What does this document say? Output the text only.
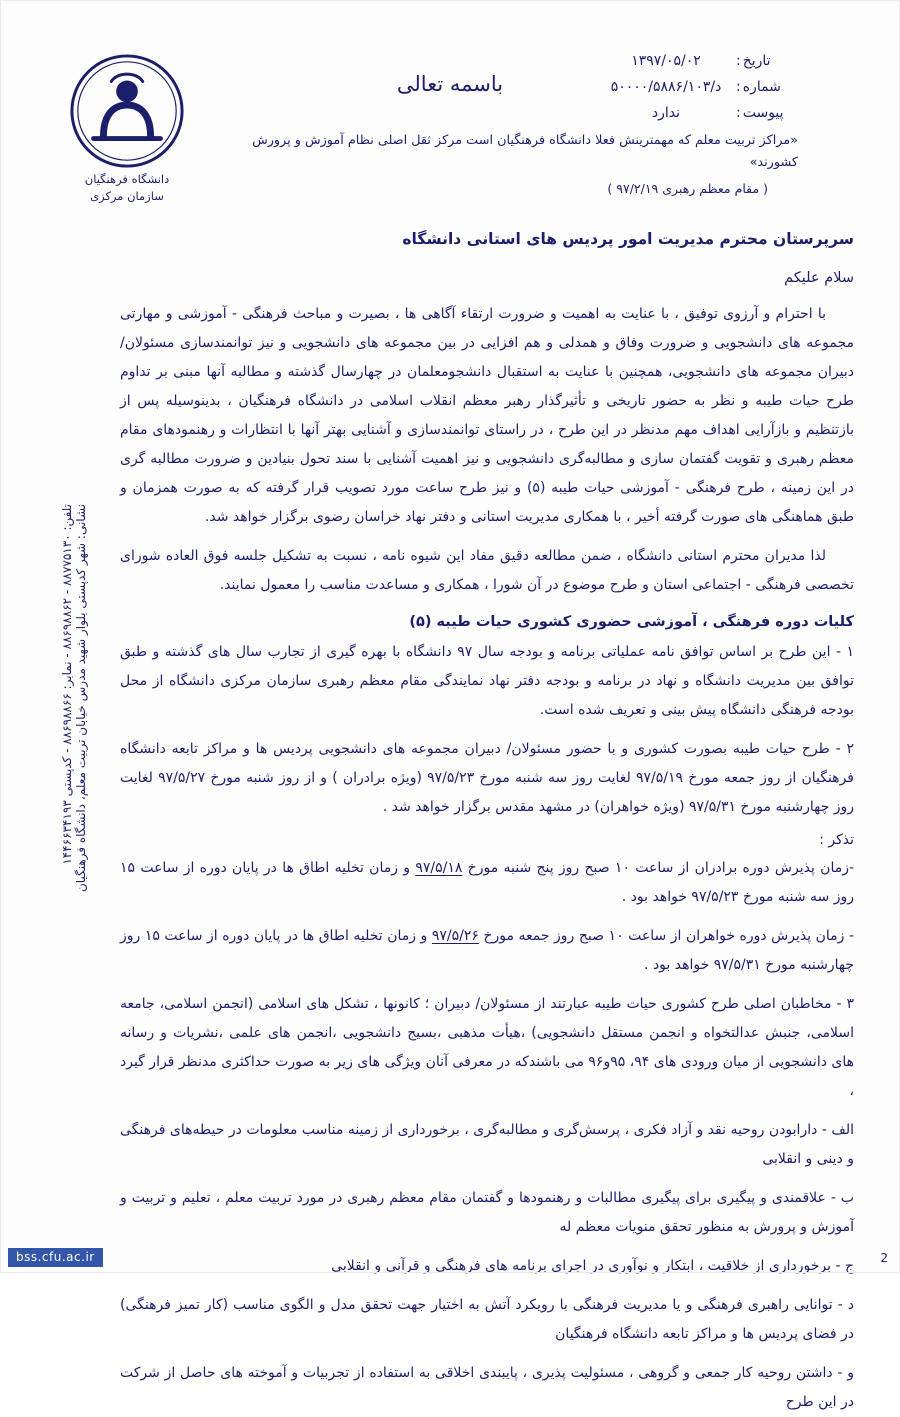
تاریخ :
۱۳۹۷/۰۵/۰۲
شماره :
د/۵۰۰۰۰/۵۸۸۶/۱۰۳
پیوست :
ندارد
باسمه تعالی
دانشگاه فرهنگیان
سازمان مرکزی
«مراکز تربیت معلم که مهمترینش فعلا دانشگاه فرهنگیان است مرکز ثقل اصلی نظام آموزش و پرورش کشورند»
( مقام معظم رهبری ۹۷/۲/۱۹ )
سرپرستان محترم مدیریت امور پردیس های استانی دانشگاه
سلام علیکم

با احترام و آرزوی توفیق ، با عنایت به اهمیت و ضرورت ارتقاء آگاهی ها ، بصیرت و مباحث فرهنگی - آموزشی و مهارتی مجموعه های دانشجویی و ضرورت وفاق و همدلی و هم افزایی در بین مجموعه های دانشجویی و نیز توانمندسازی مسئولان/ دبیران مجموعه های دانشجویی، همچنین با عنایت به استقبال دانشجومعلمان در چهارسال گذشته و مطالبه آنها مبنی بر تداوم طرح حیات طیبه و نظر به حضور تاریخی و تأثیرگذار رهبر معظم انقلاب اسلامی در دانشگاه فرهنگیان ، بدینوسیله پس از بازتنظیم و بازآرایی اهداف مهم مدنظر در این طرح ، در راستای توانمندسازی و آشنایی بهتر آنها با انتظارات و رهنمودهای مقام معظم رهبری و تقویت گفتمان سازی و مطالبه‌گری دانشجویی و نیز اهمیت آشنایی با سند تحول بنیادین و ضرورت مطالبه گری در این زمینه ، طرح فرهنگی - آموزشی حیات طیبه (۵) و نیز طرح ساعت مورد تصویب قرار گرفته که به صورت همزمان و طبق هماهنگی های صورت گرفته أخیر ، با همکاری مدیریت استانی و دفتر نهاد خراسان رضوی برگزار خواهد شد.

لذا مدیران محترم استانی دانشگاه ، ضمن مطالعه دقیق مفاد این شیوه نامه ، نسبت به تشکیل جلسه فوق العاده شورای تخصصی فرهنگی - اجتماعی استان و طرح موضوع در آن شورا ، همکاری و مساعدت مناسب را معمول نمایند.

کلیات دوره فرهنگی ، آموزشی حضوری کشوری حیات طیبه (۵)

۱ - این طرح بر اساس توافق نامه عملیاتی برنامه و بودجه سال ۹۷ دانشگاه با بهره گیری از تجارب سال های گذشته و طبق توافق بین مدیریت دانشگاه و نهاد در برنامه و بودجه دفتر نهاد نمایندگی مقام معظم رهبری سازمان مرکزی دانشگاه از محل بودجه فرهنگی دانشگاه پیش بینی و تعریف شده است.

۲ - طرح حیات طیبه بصورت کشوری و با حضور مسئولان/ دبیران مجموعه های دانشجویی پردیس ها و مراکز تابعه دانشگاه فرهنگیان از روز جمعه مورخ ۹۷/۵/۱۹ لغایت روز سه شنبه مورخ ۹۷/۵/۲۳ (ویژه برادران ) و از روز شنبه مورخ ۹۷/۵/۲۷ لغایت روز چهارشنبه مورخ ۹۷/۵/۳۱ (ویژه خواهران) در مشهد مقدس برگزار خواهد شد .

تذکر :

-زمان پذیرش دوره برادران از ساعت ۱۰ صبح روز پنج شنبه مورخ ۹۷/۵/۱۸ و زمان تخلیه اطاق ها در پایان دوره از ساعت ۱۵ روز سه شنبه مورخ ۹۷/۵/۲۳ خواهد بود .

- زمان پذیرش دوره خواهران از ساعت ۱۰ صبح روز جمعه مورخ ۹۷/۵/۲۶ و زمان تخلیه اطاق ها در پایان دوره از ساعت ۱۵ روز چهارشنبه مورخ ۹۷/۵/۳۱ خواهد بود .

۳ - مخاطبان اصلی طرح کشوری حیات طیبه عبارتند از مسئولان/ دبیران ؛ کانونها ، تشکل های اسلامی (انجمن اسلامی، جامعه اسلامی، جنبش عدالتخواه و انجمن مستقل دانشجویی) ،هیأت مذهبی ،بسیج دانشجویی ،انجمن های علمی ،نشریات و رسانه های دانشجویی از میان ورودی های ۹۴، ۹۵و۹۶ می باشندکه در معرفی آنان ویژگی های زیر به صورت حداکثری مدنظر قرار گیرد ،

الف - دارابودن روحیه نقد و آزاد فکری ، پرسش‌گری و مطالبه‌گری ، برخورداری از زمینه مناسب معلومات در حیطه‌های فرهنگی و دینی و انقلابی

ب - علاقمندی و پیگیری برای پیگیری مطالبات و رهنمودها و گفتمان مقام معظم رهبری در مورد تربیت معلم ، تعلیم و تربیت و آموزش و پرورش به منظور تحقق منویات معظم له

ج - برخورداری از خلاقیت ، ابتکار و نوآوری در اجرای برنامه های فرهنگی و قرآنی و انقلابی

د - توانایی راهبری فرهنگی و یا مدیریت فرهنگی با رویکرد آتش به اختیار جهت تحقق مدل و الگوی مناسب (کار تمیز فرهنگی) در فضای پردیس ها و مراکز تابعه دانشگاه فرهنگیان

و - داشتن روحیه کار جمعی و گروهی ، مسئولیت پذیری ، پایبندی اخلاقی به استفاده از تجربیات و آموخته های حاصل از شرکت در این طرح

نشانی: شهر کدپستی بلوار شهید مدرس خیابان تربیت معلم، دانشگاه فرهنگیان
تلفن: ۸۸۷۷۵۱۳۰ - ۸۸۶۹۸۸۶۲ - نمابر: ۸۸۶۹۸۸۶۶ - کدپستی ۱۴۴۶۶۳۴۱۹۳
bss.cfu.ac.ir	2
